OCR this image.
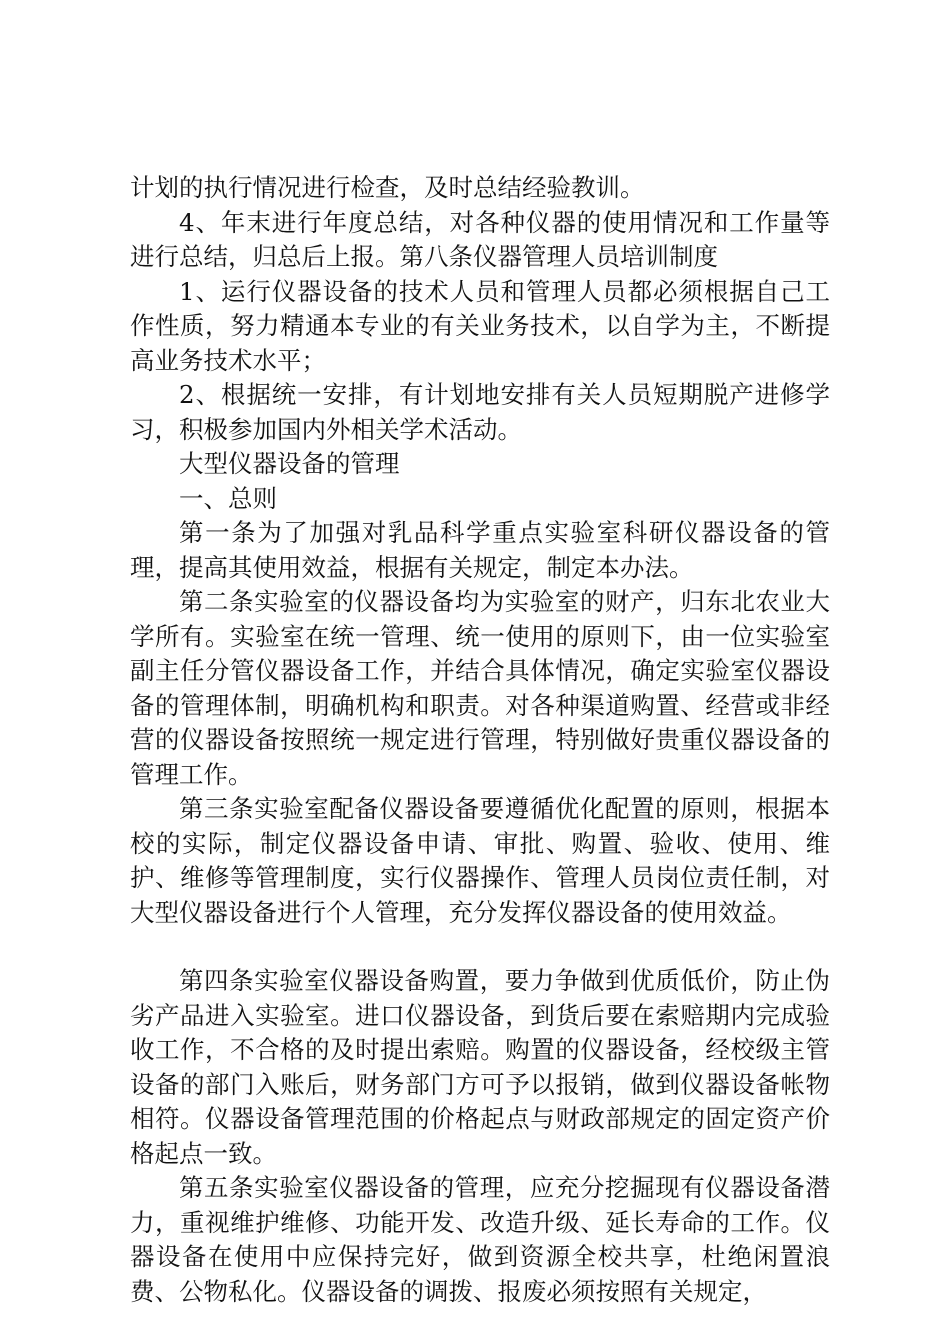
计划的执行情况进行检查，及时总结经验教训。

4、年末进行年度总结，对各种仪器的使用情况和工作量等进行总结，归总后上报。第八条仪器管理人员培训制度

1、运行仪器设备的技术人员和管理人员都必须根据自己工作性质，努力精通本专业的有关业务技术，以自学为主，不断提高业务技术水平；

2、根据统一安排，有计划地安排有关人员短期脱产进修学习，积极参加国内外相关学术活动。

大型仪器设备的管理

一、总则

第一条为了加强对乳品科学重点实验室科研仪器设备的管理，提高其使用效益，根据有关规定，制定本办法。

第二条实验室的仪器设备均为实验室的财产，归东北农业大学所有。实验室在统一管理、统一使用的原则下，由一位实验室副主任分管仪器设备工作，并结合具体情况，确定实验室仪器设备的管理体制，明确机构和职责。对各种渠道购置、经营或非经营的仪器设备按照统一规定进行管理，特别做好贵重仪器设备的管理工作。

第三条实验室配备仪器设备要遵循优化配置的原则，根据本校的实际，制定仪器设备申请、审批、购置、验收、使用、维护、维修等管理制度，实行仪器操作、管理人员岗位责任制，对大型仪器设备进行个人管理，充分发挥仪器设备的使用效益。

第四条实验室仪器设备购置，要力争做到优质低价，防止伪劣产品进入实验室。进口仪器设备，到货后要在索赔期内完成验收工作，不合格的及时提出索赔。购置的仪器设备，经校级主管设备的部门入账后，财务部门方可予以报销，做到仪器设备帐物相符。仪器设备管理范围的价格起点与财政部规定的固定资产价格起点一致。

第五条实验室仪器设备的管理，应充分挖掘现有仪器设备潜力，重视维护维修、功能开发、改造升级、延长寿命的工作。仪器设备在使用中应保持完好，做到资源全校共享，杜绝闲置浪费、公物私化。仪器设备的调拨、报废必须按照有关规定，
